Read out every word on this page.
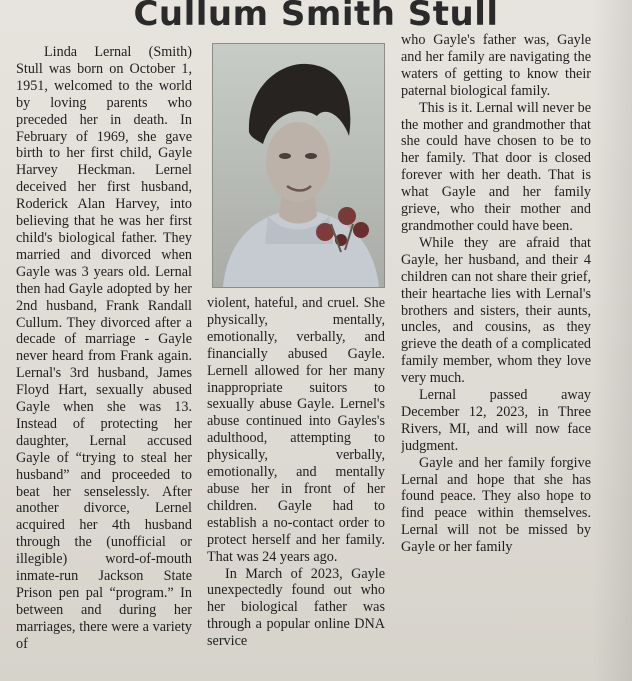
Cullum Smith Stull

Linda Lernal (Smith) Stull was born on October 1, 1951, welcomed to the world by loving parents who preceded her in death. In February of 1969, she gave birth to her first child, Gayle Harvey Heckman. Lernel deceived her first husband, Roderick Alan Harvey, into believing that he was her first child's biological father. They married and divorced when Gayle was 3 years old. Lernal then had Gayle adopted by her 2nd husband, Frank Randall Cullum. They divorced after a decade of marriage - Gayle never heard from Frank again. Lernal's 3rd husband, James Floyd Hart, sexually abused Gayle when she was 13. Instead of protecting her daughter, Lernal accused Gayle of “trying to steal her husband” and proceeded to beat her senselessly. After another divorce, Lernel acquired her 4th husband through the (unofficial or illegible) word-of-mouth inmate-run Jackson State Prison pen pal “program.” In between and during her marriages, there were a variety of

violent, hateful, and cruel. She physically, mentally, emotionally, verbally, and financially abused Gayle. Lernell allowed for her many inappropriate suitors to sexually abuse Gayle. Lernel's abuse continued into Gayles's adulthood, attempting to physically, verbally, emotionally, and mentally abuse her in front of her children. Gayle had to establish a no-contact order to protect herself and her family. That was 24 years ago.

In March of 2023, Gayle unexpectedly found out who her biological father was through a popular online DNA service

who Gayle's father was, Gayle and her family are navigating the waters of getting to know their paternal biological family.

This is it. Lernal will never be the mother and grandmother that she could have chosen to be to her family. That door is closed forever with her death. That is what Gayle and her family grieve, who their mother and grandmother could have been.

While they are afraid that Gayle, her husband, and their 4 children can not share their grief, their heartache lies with Lernal's brothers and sisters, their aunts, uncles, and cousins, as they grieve the death of a complicated family member, whom they love very much.

Lernal passed away December 12, 2023, in Three Rivers, MI, and will now face judgment.

Gayle and her family forgive Lernal and hope that she has found peace. They also hope to find peace within themselves. Lernal will not be missed by Gayle or her family
